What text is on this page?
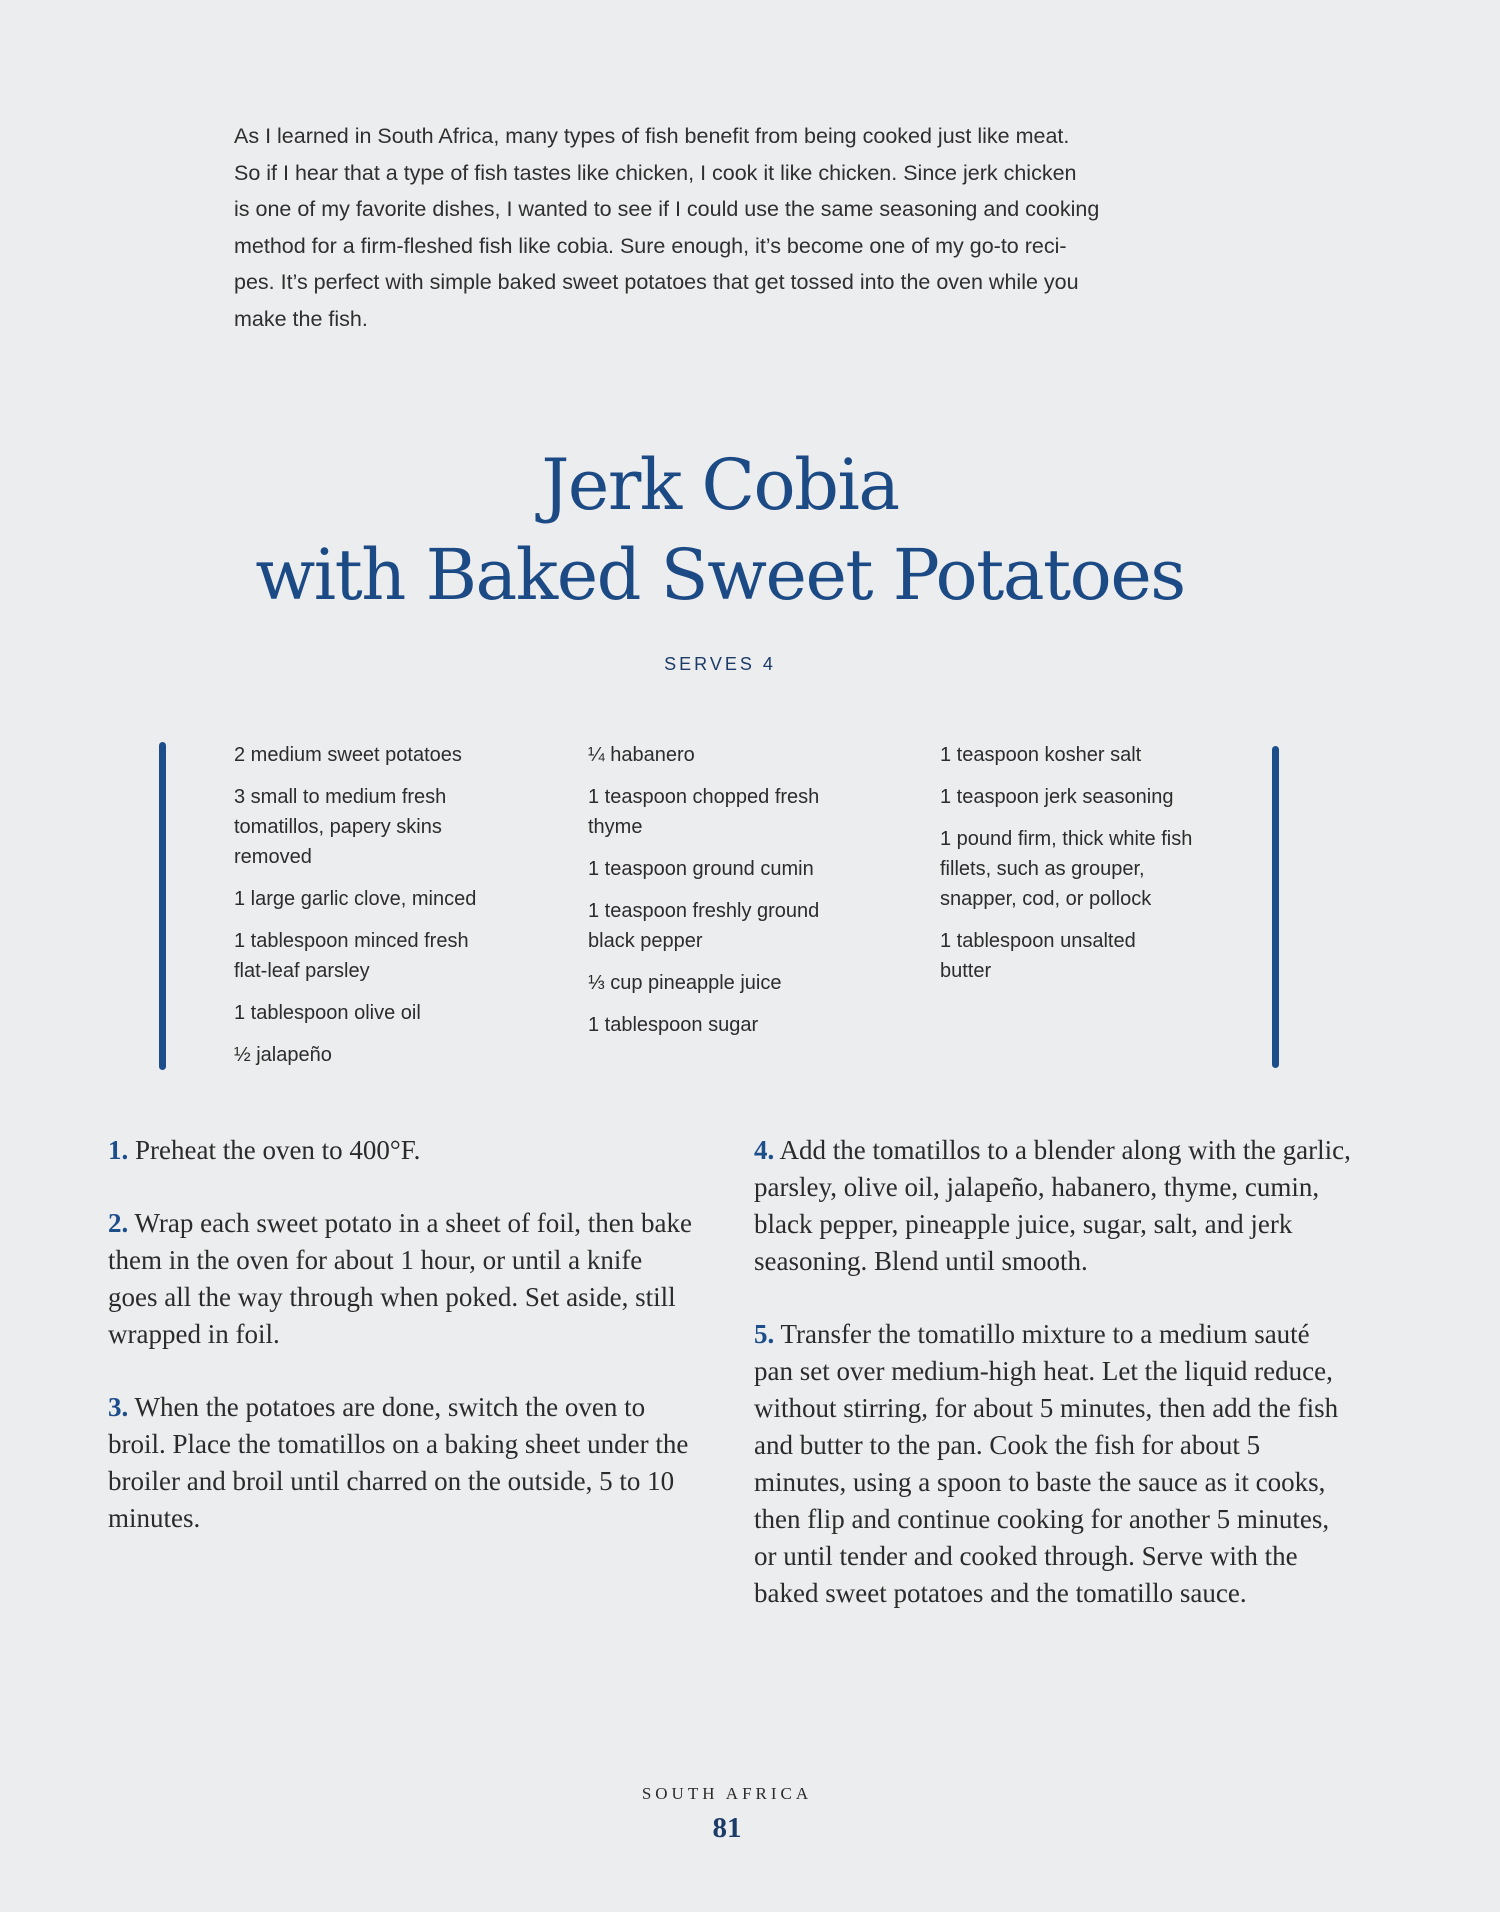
As I learned in South Africa, many types of fish benefit from being cooked just like meat.

So if I hear that a type of fish tastes like chicken, I cook it like chicken. Since jerk chicken

is one of my favorite dishes, I wanted to see if I could use the same seasoning and cooking

method for a firm-fleshed fish like cobia. Sure enough, it’s become one of my go-to reci-

pes. It’s perfect with simple baked sweet potatoes that get tossed into the oven while you

make the fish.

Jerk Cobia
with Baked Sweet Potatoes
SERVES 4

2 medium sweet potatoes

3 small to medium fresh tomatillos, papery skins removed

1 large garlic clove, minced

1 tablespoon minced fresh flat-leaf parsley

1 tablespoon olive oil

½ jalapeño

¼ habanero

1 teaspoon chopped fresh thyme

1 teaspoon ground cumin

1 teaspoon freshly ground black pepper

⅓ cup pineapple juice

1 tablespoon sugar

1 teaspoon kosher salt

1 teaspoon jerk seasoning

1 pound firm, thick white fish fillets, such as grouper, snapper, cod, or pollock

1 tablespoon unsalted butter

1. Preheat the oven to 400°F.

2. Wrap each sweet potato in a sheet of foil, then bake them in the oven for about 1 hour, or until a knife goes all the way through when poked. Set aside, still wrapped in foil.

3. When the potatoes are done, switch the oven to broil. Place the tomatillos on a baking sheet under the broiler and broil until charred on the outside, 5 to 10 minutes.

4. Add the tomatillos to a blender along with the garlic, parsley, olive oil, jalapeño, habanero, thyme, cumin, black pepper, pineapple juice, sugar, salt, and jerk seasoning. Blend until smooth.

5. Transfer the tomatillo mixture to a medium sauté pan set over medium-high heat. Let the liquid reduce, without stirring, for about 5 minutes, then add the fish and butter to the pan. Cook the fish for about 5 minutes, using a spoon to baste the sauce as it cooks, then flip and continue cooking for another 5 minutes, or until tender and cooked through. Serve with the baked sweet potatoes and the tomatillo sauce.

SOUTH AFRICA
81
